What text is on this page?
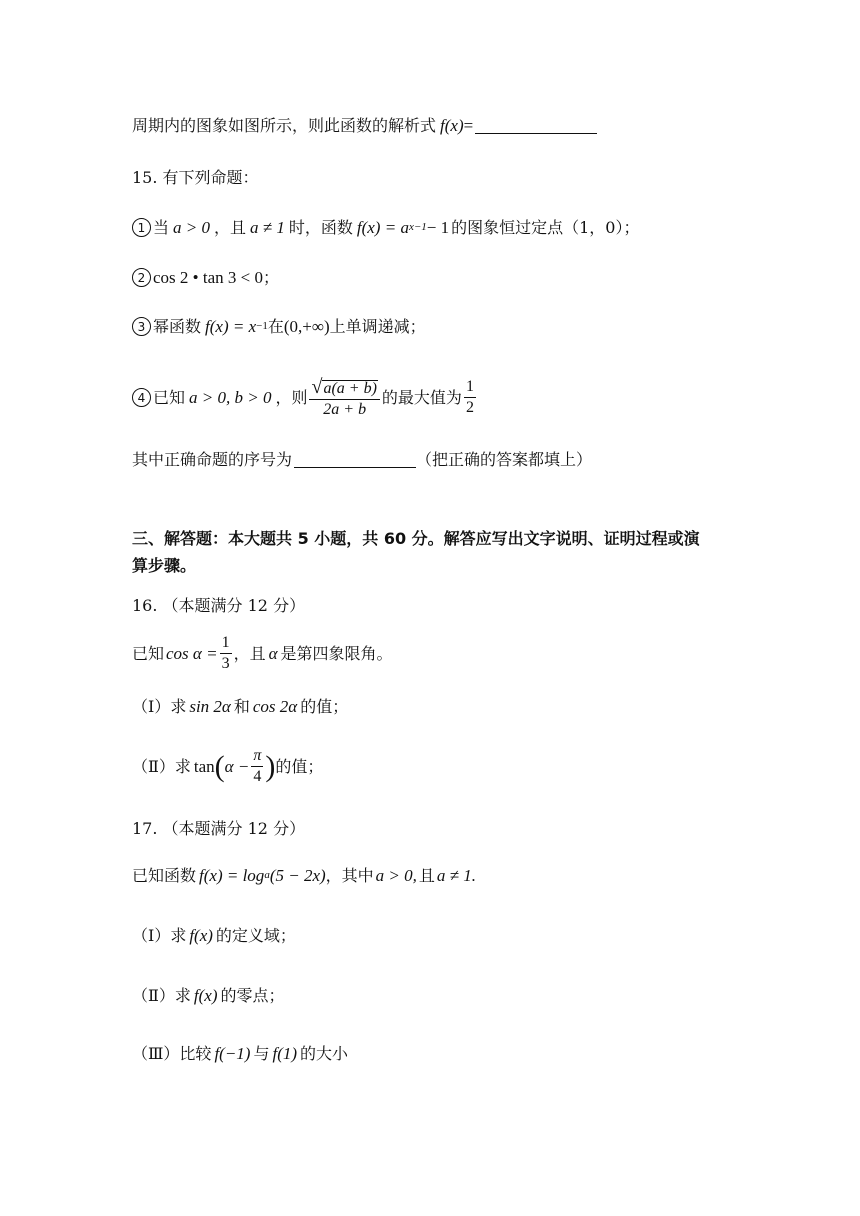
周期内的图象如图所示，则此函数的解析式 f(x) =
15. 有下列命题：
1 当 a > 0 ，且 a ≠ 1 时，函数 f(x) = a x−1 − 1 的图象恒过定点（1，0）；
2 cos 2 • tan 3 < 0 ；
3 幂函数 f(x) = x −1 在 (0,+∞) 上单调递减；
4 已知 a > 0, b > 0 ，则 $\frac{√ a(a + b)}{2a + b}$ 的最大值为 $\frac{1}{2}$
其中正确命题的序号为	（把正确的答案都填上）
三、解答题：本大题共 5 小题，共 60 分。解答应写出文字说明、证明过程或演
算步骤。
16. （本题满分 12 分）
已知 $\cos \alpha = \frac{1}{3}$ ，且 α 是第四象限角。
（Ⅰ）求 sin 2α 和 cos 2α 的值；
（Ⅱ）求 tan ( $\alpha - \frac{\pi}{4}$ ) 的值；
17. （本题满分 12 分）
已知函数 f(x) = log a (5 − 2x) ，其中 a > 0, 且 a ≠ 1.
（Ⅰ）求 f(x) 的定义域；
（Ⅱ）求 f(x) 的零点；
（Ⅲ）比较 f(−1) 与 f(1) 的大小
